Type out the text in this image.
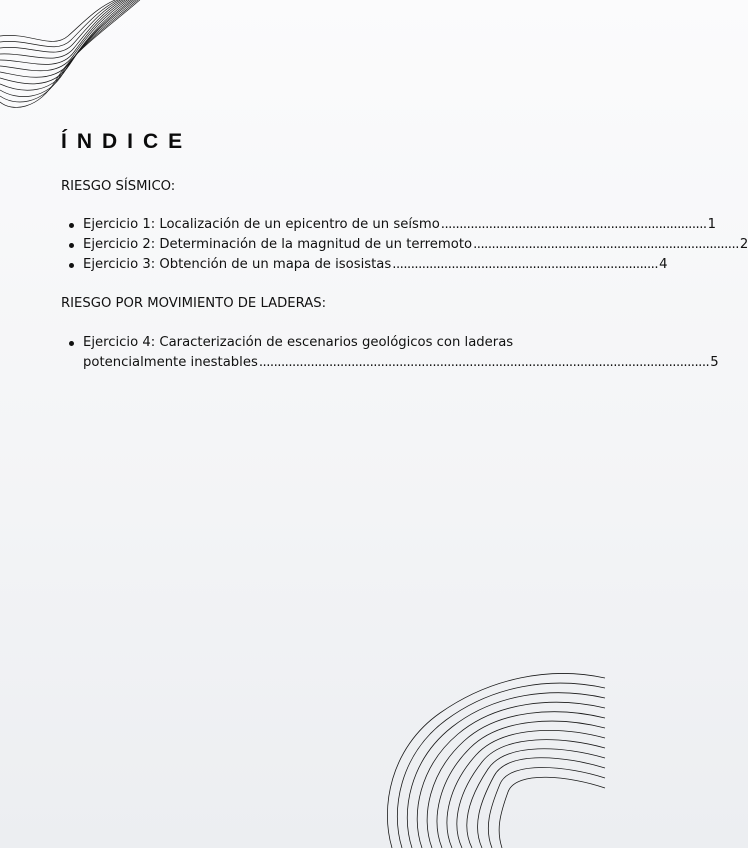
ÍNDICE
RIESGO SÍSMICO:
Ejercicio 1: Localización de un epicentro de un seísmo ........................................................................ 1
Ejercicio 2: Determinación de la magnitud de un terremoto ........................................................................ 2
Ejercicio 3: Obtención de un mapa de isosistas ........................................................................ 4
RIESGO POR MOVIMIENTO DE LADERAS:
Ejercicio 4: Caracterización de escenarios geológicos con laderas
potencialmente inestables .......................................................................................................................... 5
